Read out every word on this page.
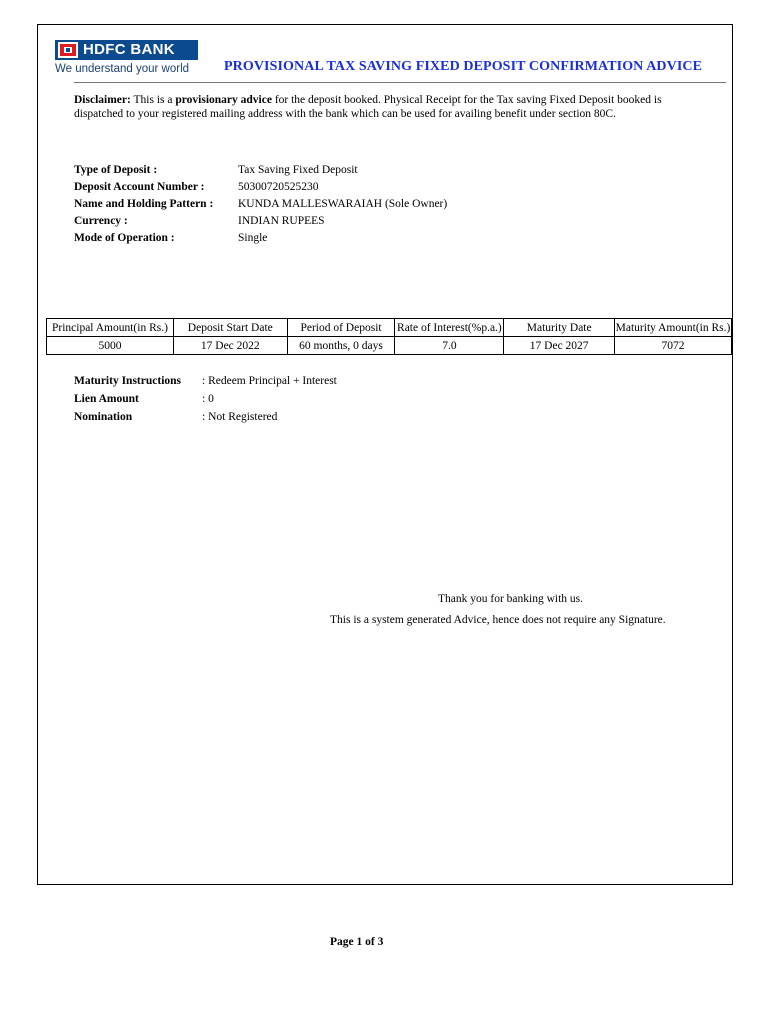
HDFC BANK
We understand your world PROVISIONAL TAX SAVING FIXED DEPOSIT CONFIRMATION ADVICE
Disclaimer: This is a provisionary advice for the deposit booked. Physical Receipt for the Tax saving Fixed Deposit booked is dispatched to your registered mailing address with the bank which can be used for availing benefit under section 80C.
Type of Deposit :	Tax Saving Fixed Deposit
Deposit Account Number :	50300720525230
Name and Holding Pattern : KUNDA MALLESWARAIAH (Sole Owner)
Currency :	INDIAN RUPEES
Mode of Operation :	Single
Principal Amount(in Rs.)	Deposit Start Date	Period of Deposit	Rate of Interest(%p.a.)	Maturity Date	Maturity Amount(in Rs.)
5000	17 Dec 2022	60 months, 0 days	7.0	17 Dec 2027	7072
Maturity Instructions : Redeem Principal + Interest
Lien Amount	: 0
Nomination	: Not Registered
Thank you for banking with us.
This is a system generated Advice, hence does not require any Signature.
Page 1 of 3
